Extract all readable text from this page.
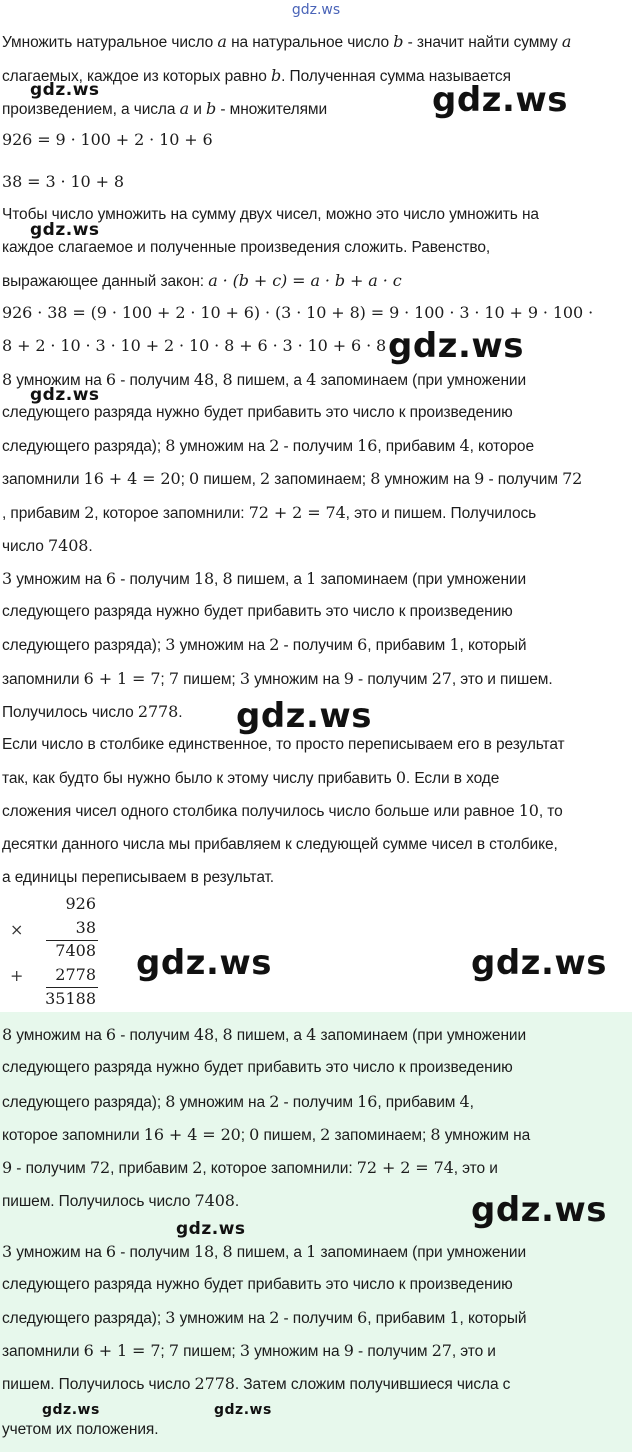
gdz.ws
Умножить натуральное число a на натуральное число b - значит найти сумму a
слагаемых, каждое из которых равно b. Полученная сумма называется
произведением, а числа a и b - множителями
926 = 9 · 100 + 2 · 10 + 6
38 = 3 · 10 + 8
Чтобы число умножить на сумму двух чисел, можно это число умножить на
каждое слагаемое и полученные произведения сложить. Равенство,
выражающее данный закон: a · (b + c) = a · b + a · c
926 · 38 = (9 · 100 + 2 · 10 + 6) · (3 · 10 + 8) = 9 · 100 · 3 · 10 + 9 · 100 ·
8 + 2 · 10 · 3 · 10 + 2 · 10 · 8 + 6 · 3 · 10 + 6 · 8
8 умножим на 6 - получим 48, 8 пишем, а 4 запоминаем (при умножении
следующего разряда нужно будет прибавить это число к произведению
следующего разряда); 8 умножим на 2 - получим 16, прибавим 4, которое
запомнили 16 + 4 = 20; 0 пишем, 2 запоминаем; 8 умножим на 9 - получим 72
, прибавим 2, которое запомнили: 72 + 2 = 74, это и пишем. Получилось
число 7408.
3 умножим на 6 - получим 18, 8 пишем, а 1 запоминаем (при умножении
следующего разряда нужно будет прибавить это число к произведению
следующего разряда); 3 умножим на 2 - получим 6, прибавим 1, который
запомнили 6 + 1 = 7; 7 пишем; 3 умножим на 9 - получим 27, это и пишем.
Получилось число 2778.
Если число в столбике единственное, то просто переписываем его в результат
так, как будто бы нужно было к этому числу прибавить 0. Если в ходе
сложения чисел одного столбика получилось число больше или равное 10, то
десятки данного числа мы прибавляем к следующей сумме чисел в столбике,
а единицы переписываем в результат.
8 умножим на 6 - получим 48, 8 пишем, а 4 запоминаем (при умножении
следующего разряда нужно будет прибавить это число к произведению
следующего разряда); 8 умножим на 2 - получим 16, прибавим 4,
которое запомнили 16 + 4 = 20; 0 пишем, 2 запоминаем; 8 умножим на
9 - получим 72, прибавим 2, которое запомнили: 72 + 2 = 74, это и
пишем. Получилось число 7408.
3 умножим на 6 - получим 18, 8 пишем, а 1 запоминаем (при умножении
следующего разряда нужно будет прибавить это число к произведению
следующего разряда); 3 умножим на 2 - получим 6, прибавим 1, который
запомнили 6 + 1 = 7; 7 пишем; 3 умножим на 9 - получим 27, это и
пишем. Получилось число 2778. Затем сложим получившиеся числа с
учетом их положения.
926
×	38
7408
+	2778
35188
gdz.ws	gdz.ws
gdz.ws
gdz.ws
gdz.ws
gdz.ws
gdz.ws	gdz.ws
gdz.ws
gdz.ws
gdz.ws	gdz.ws
